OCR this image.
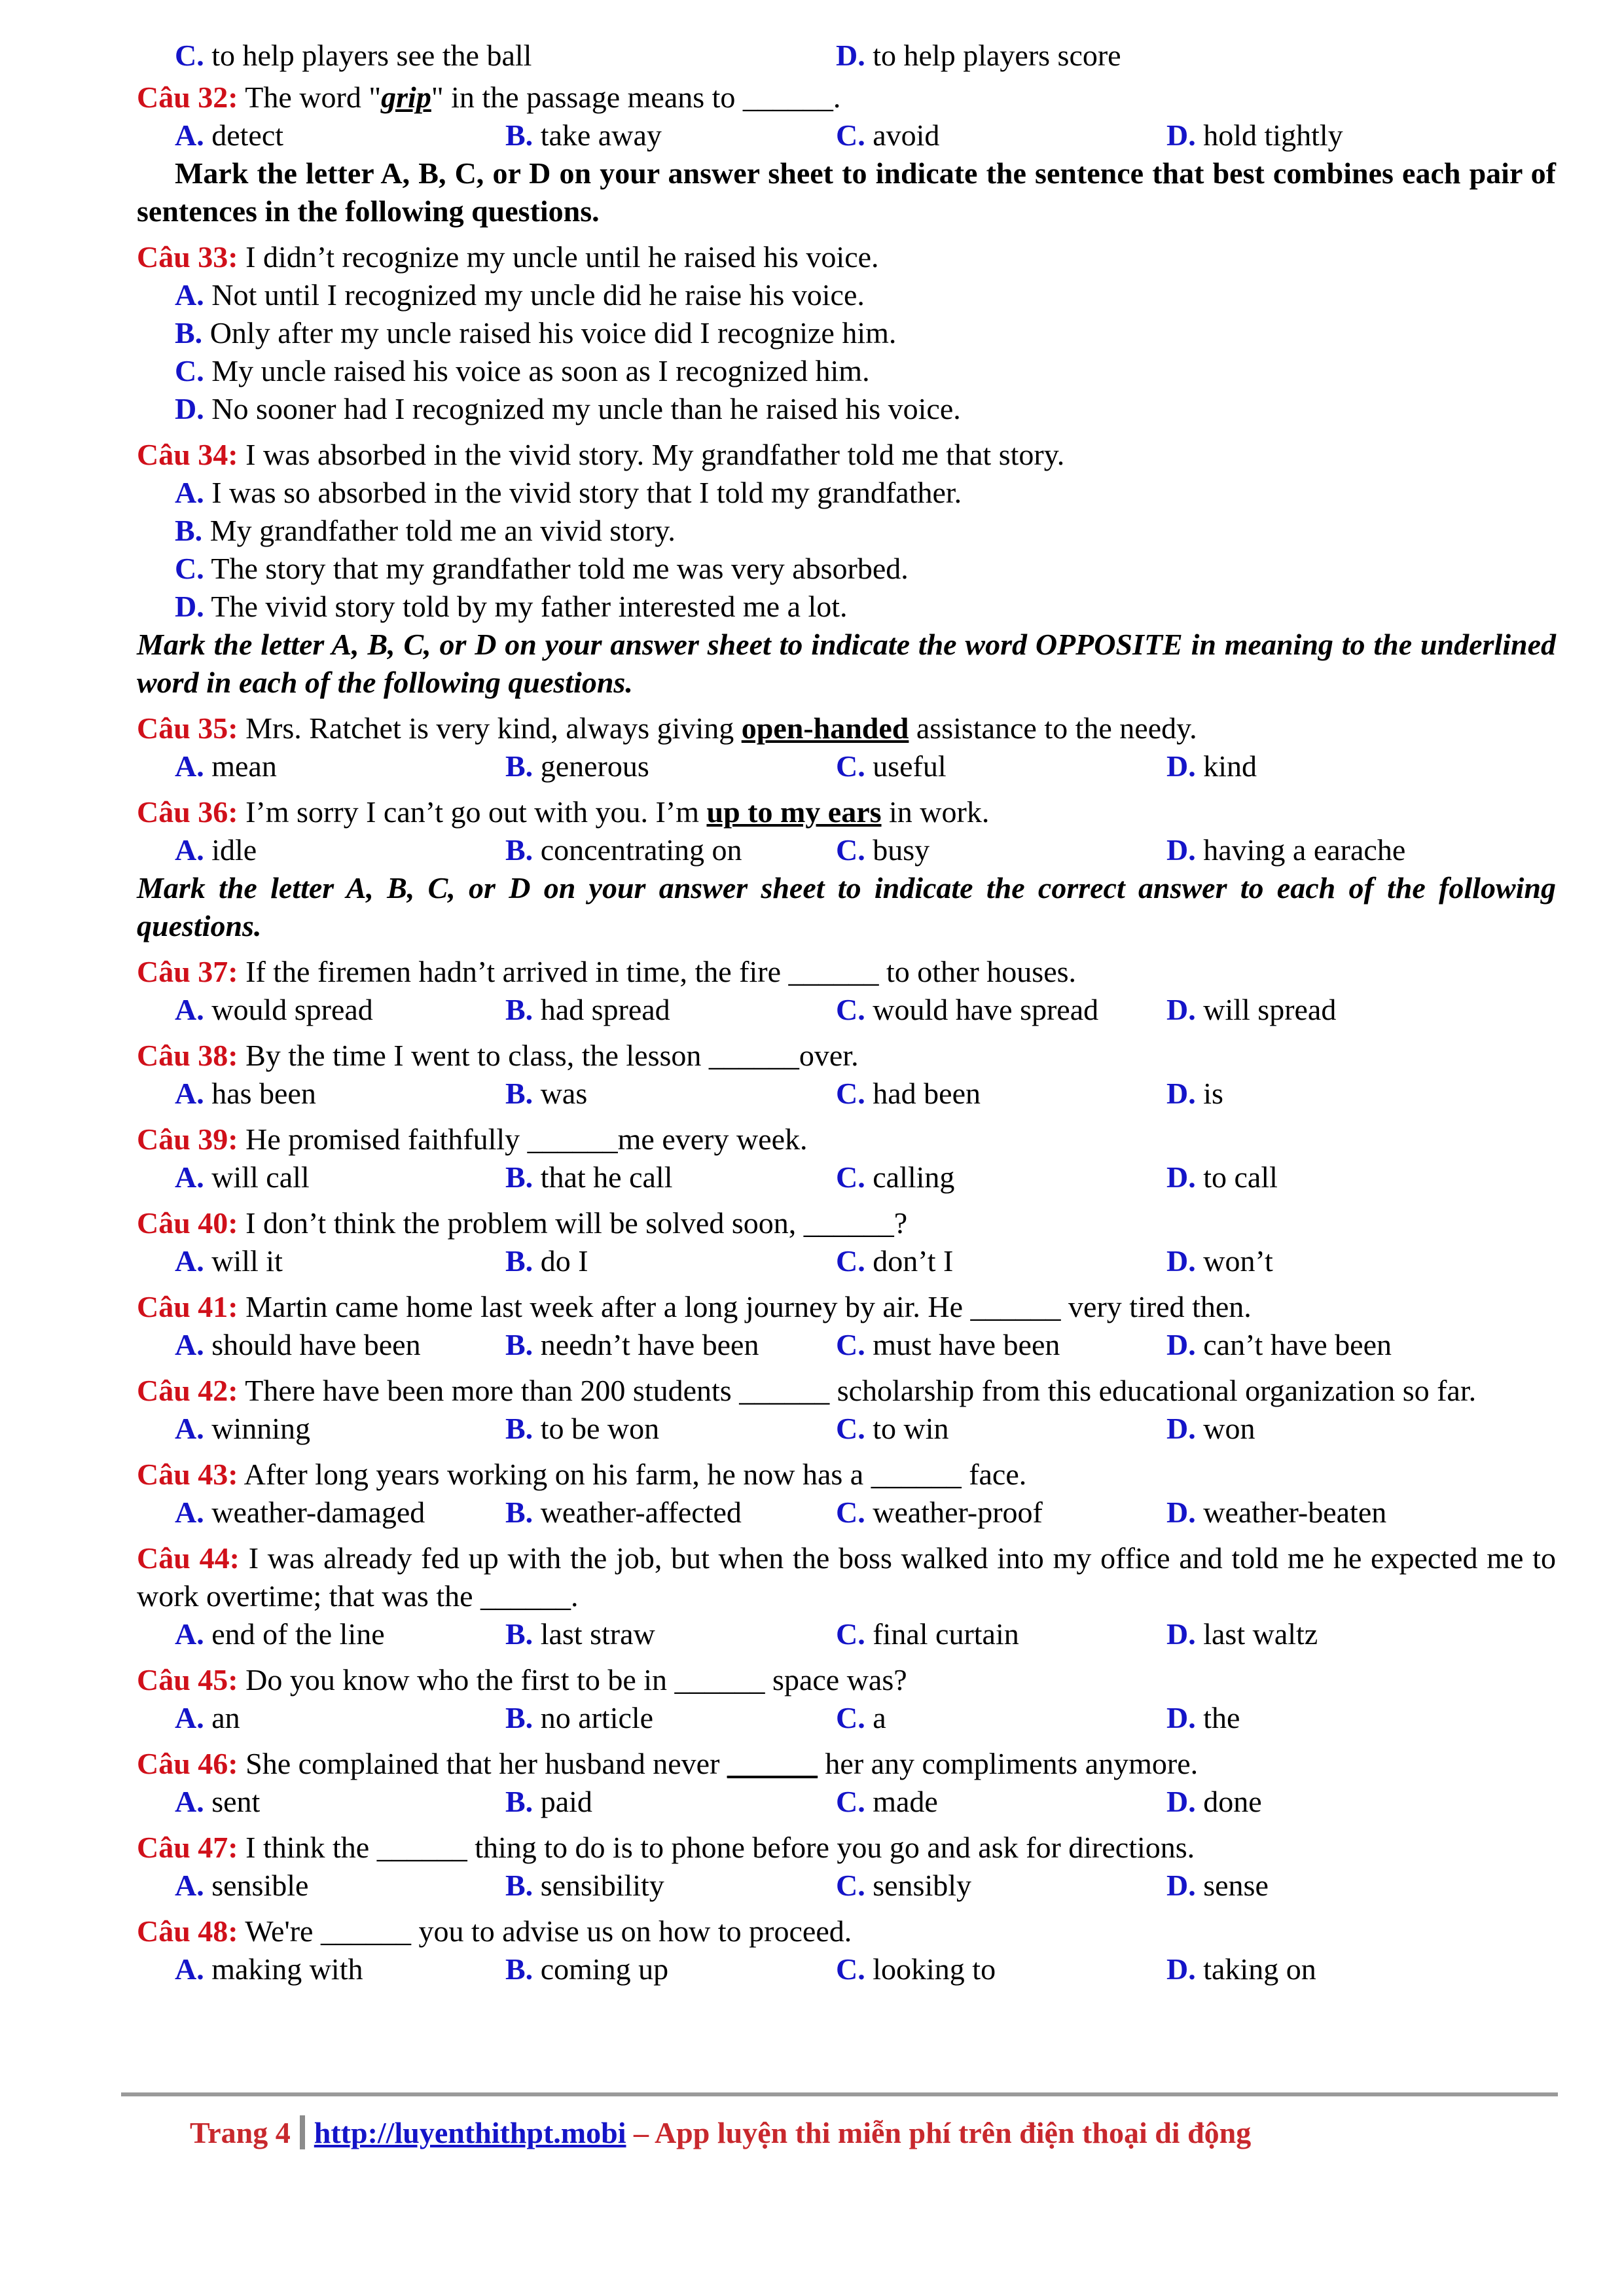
C. to help players see the ball	D. to help players score
Câu 32: The word "grip" in the passage means to ______.
A. detect	B. take away	C. avoid	D. hold tightly
Mark the letter A, B, C, or D on your answer sheet to indicate the sentence that best combines each pair of sentences in the following questions.
Câu 33: I didn’t recognize my uncle until he raised his voice.
A. Not until I recognized my uncle did he raise his voice.
B. Only after my uncle raised his voice did I recognize him.
C. My uncle raised his voice as soon as I recognized him.
D. No sooner had I recognized my uncle than he raised his voice.
Câu 34: I was absorbed in the vivid story. My grandfather told me that story.
A. I was so absorbed in the vivid story that I told my grandfather.
B. My grandfather told me an vivid story.
C. The story that my grandfather told me was very absorbed.
D. The vivid story told by my father interested me a lot.
Mark the letter A, B, C, or D on your answer sheet to indicate the word OPPOSITE in meaning to the underlined word in each of the following questions.
Câu 35: Mrs. Ratchet is very kind, always giving open-handed assistance to the needy.
A. mean	B. generous	C. useful	D. kind
Câu 36: I’m sorry I can’t go out with you. I’m up to my ears in work.
A. idle	B. concentrating on	C. busy	D. having a earache
Mark the letter A, B, C, or D on your answer sheet to indicate the correct answer to each of the following questions.
Câu 37: If the firemen hadn’t arrived in time, the fire ______ to other houses.
A. would spread	B. had spread	C. would have spread D. will spread
Câu 38: By the time I went to class, the lesson ______over.
A. has been	B. was	C. had been	D. is
Câu 39: He promised faithfully ______me every week.
A. will call	B. that he call	C. calling	D. to call
Câu 40: I don’t think the problem will be solved soon, ______?
A. will it	B. do I	C. don’t I	D. won’t
Câu 41: Martin came home last week after a long journey by air. He ______ very tired then.
A. should have been	B. needn’t have been	C. must have been	D. can’t have been
Câu 42: There have been more than 200 students ______ scholarship from this educational organization so far.
A. winning	B. to be won	C. to win	D. won
Câu 43: After long years working on his farm, he now has a ______ face.
A. weather-damaged	B. weather-affected	C. weather-proof	D. weather-beaten
Câu 44: I was already fed up with the job, but when the boss walked into my office and told me he expected me to work overtime; that was the ______.
A. end of the line	B. last straw	C. final curtain	D. last waltz
Câu 45: Do you know who the first to be in ______ space was?
A. an	B. no article	C. a	D. the
Câu 46: She complained that her husband never ______ her any compliments anymore.
A. sent	B. paid	C. made	D. done
Câu 47: I think the ______ thing to do is to phone before you go and ask for directions.
A. sensible	B. sensibility	C. sensibly	D. sense
Câu 48: We're ______ you to advise us on how to proceed.
A. making with	B. coming up	C. looking to	D. taking on
Trang 4 http://luyenthithpt.mobi – App luyện thi miễn phí trên điện thoại di động
